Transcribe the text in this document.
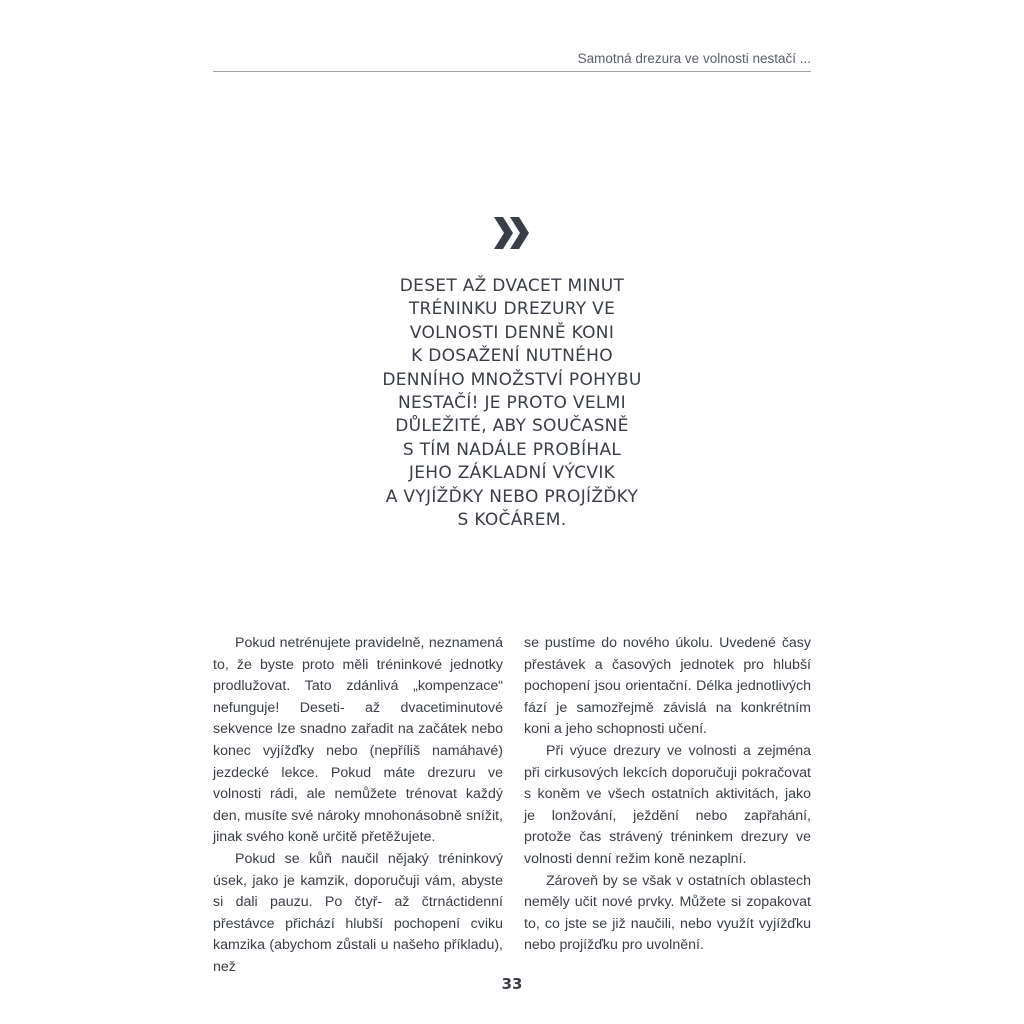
Samotná drezura ve volnosti nestačí ...
DESET AŽ DVACET MINUT
TRÉNINKU DREZURY VE
VOLNOSTI DENNĚ KONI
K DOSAŽENÍ NUTNÉHO
DENNÍHO MNOŽSTVÍ POHYBU
NESTAČÍ! JE PROTO VELMI
DŮLEŽITÉ, ABY SOUČASNĚ
S TÍM NADÁLE PROBÍHAL
JEHO ZÁKLADNÍ VÝCVIK
A VYJÍŽĎKY NEBO PROJÍŽĎKY
S KOČÁREM.

Pokud netrénujete pravidelně, neznamená to, že byste proto měli tréninkové jednotky prodlužovat. Tato zdánlivá „kompenzace“ nefunguje! Deseti- až dvacetiminutové sekvence lze snadno zařadit na začátek nebo konec vyjížďky nebo (nepříliš namáhavé) jezdecké lekce. Pokud máte drezuru ve volnosti rádi, ale nemůžete trénovat každý den, musíte své nároky mnohonásobně snížit, jinak svého koně určitě přetěžujete.

Pokud se kůň naučil nějaký tréninkový úsek, jako je kamzik, doporučuji vám, abyste si dali pauzu. Po čtyř- až čtrnáctidenní přestávce přichází hlubší pochopení cviku kamzika (abychom zůstali u našeho příkladu), než

se pustíme do nového úkolu. Uvedené časy přestávek a časových jednotek pro hlubší pochopení jsou orientační. Délka jednotlivých fází je samozřejmě závislá na konkrétním koni a jeho schopnosti učení.

Při výuce drezury ve volnosti a zejména při cirkusových lekcích doporučuji pokračovat s koněm ve všech ostatních aktivitách, jako je lonžování, ježdění nebo zapřahání, protože čas strávený tréninkem drezury ve volnosti denní režim koně nezaplní.

Zároveň by se však v ostatních oblastech neměly učit nové prvky. Můžete si zopakovat to, co jste se již naučili, nebo využít vyjížďku nebo projížďku pro uvolnění.

33
